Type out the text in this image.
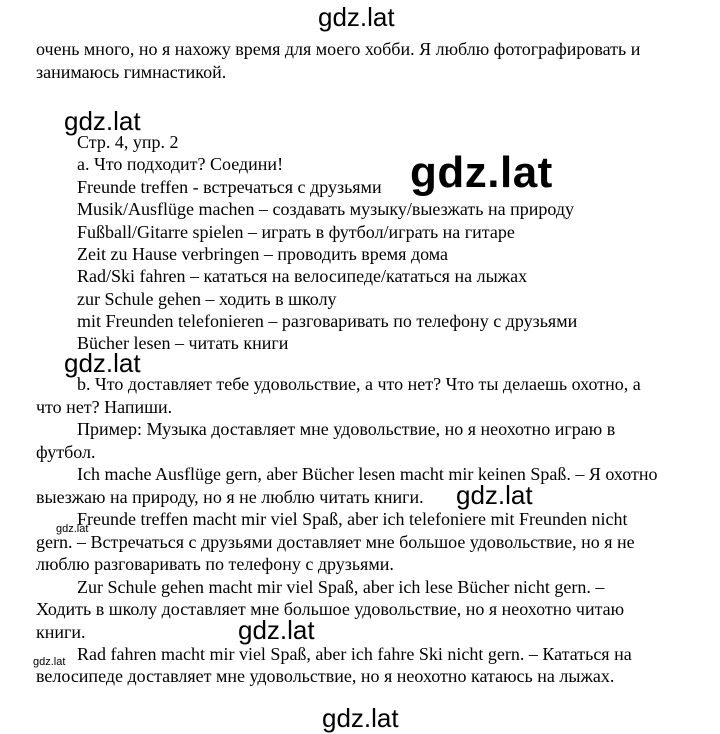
gdz.lat
очень много, но я нахожу время для моего хобби. Я люблю фотографировать и
занимаюсь гимнастикой.
gdz.lat
Стр. 4, упр. 2
а. Что подходит? Соедини!
Freunde treffen - встречаться с друзьями gdz.lat
Musik/Ausflüge machen – создавать музыку/выезжать на природу
Fußball/Gitarre spielen – играть в футбол/играть на гитаре
Zeit zu Hause verbringen – проводить время дома
Rad/Ski fahren – кататься на велосипеде/кататься на лыжах
zur Schule gehen – ходить в школу
mit Freunden telefonieren – разговаривать по телефону с друзьями
Bücher lesen – читать книги
gdz.lat
b. Что доставляет тебе удовольствие, а что нет? Что ты делаешь охотно, а
что нет? Напиши.
Пример: Музыка доставляет мне удовольствие, но я неохотно играю в
футбол.
Ich mache Ausflüge gern, aber Bücher lesen macht mir keinen Spaß. – Я охотно
выезжаю на природу, но я не люблю читать книги. gdz.lat
gdz.lat
Freunde treffen macht mir viel Spaß, aber ich telefoniere mit Freunden nicht
gern. – Встречаться с друзьями доставляет мне большое удовольствие, но я не
люблю разговаривать по телефону с друзьями.
Zur Schule gehen macht mir viel Spaß, aber ich lese Bücher nicht gern. –
Ходить в школу доставляет мне большое удовольствие, но я неохотно читаю
книги.	gdz.lat
gdz.lat Rad fahren macht mir viel Spaß, aber ich fahre Ski nicht gern. – Кататься на
велосипеде доставляет мне удовольствие, но я неохотно катаюсь на лыжах.
gdz.lat
